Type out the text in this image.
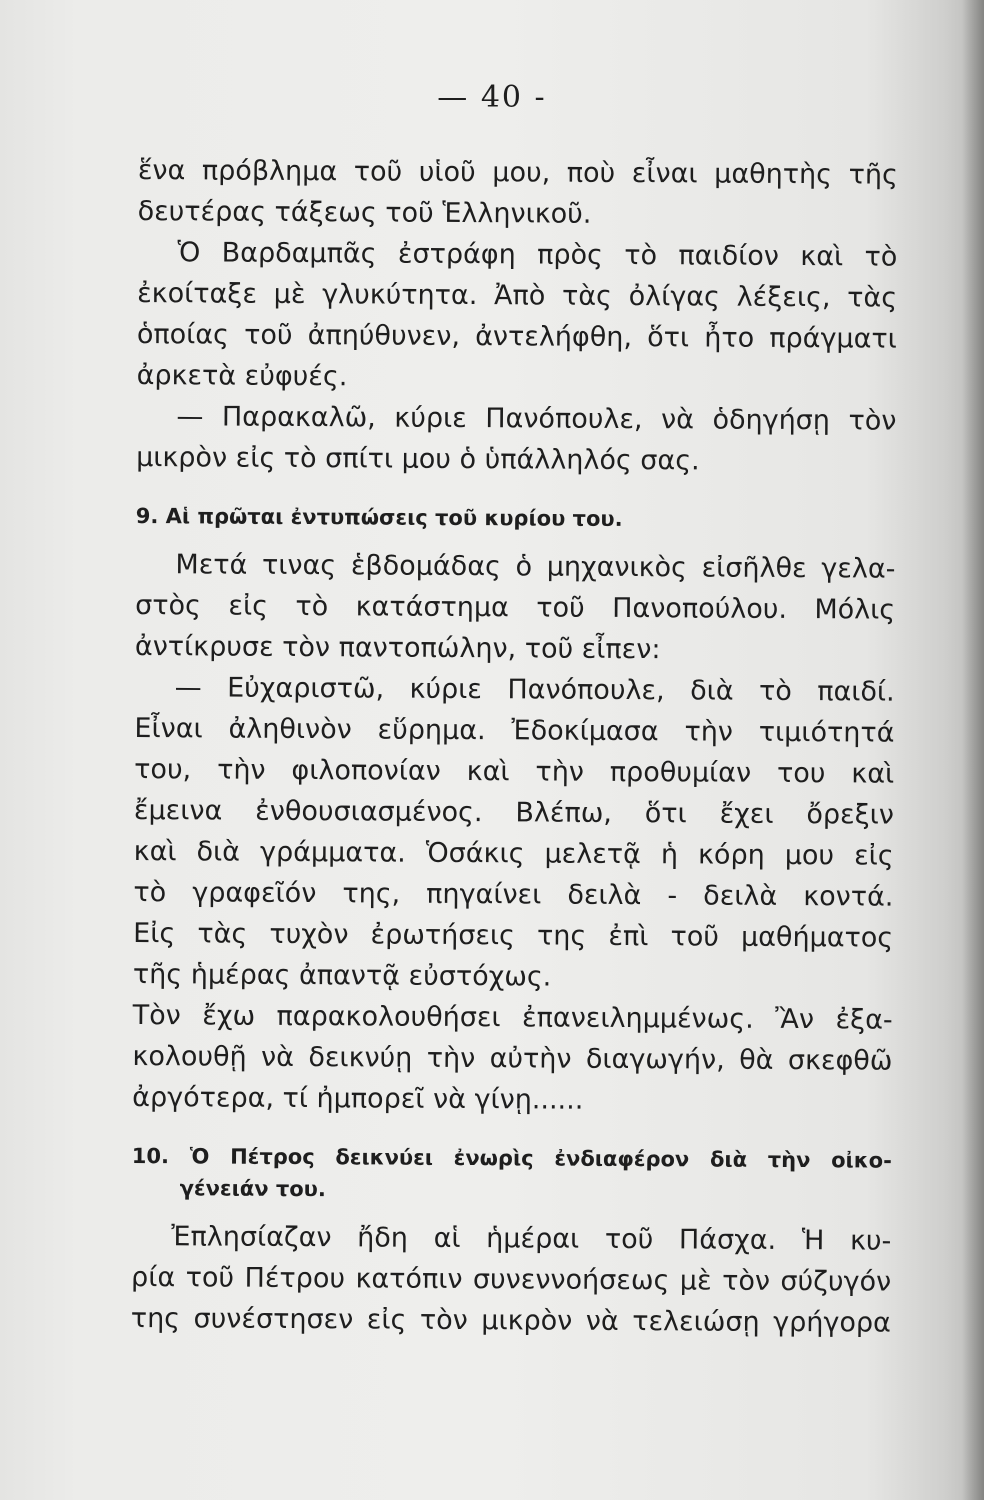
— 40 -

ἕνα πρόβλημα τοῦ υἱοῦ μου, ποὺ εἶναι μαθητὴς τῆς

δευτέρας τάξεως τοῦ Ἑλληνικοῦ.

Ὁ Βαρδαμπᾶς ἐστράφη πρὸς τὸ παιδίον καὶ τὸ

ἐκοίταξε μὲ γλυκύτητα. Ἀπὸ τὰς ὀλίγας λέξεις, τὰς

ὁποίας τοῦ ἀπηύθυνεν, ἀντελήφθη, ὅτι ἦτο πράγματι

ἀρκετὰ εὐφυές.

— Παρακαλῶ, κύριε Πανόπουλε, νὰ ὁδηγήσῃ τὸν

μικρὸν εἰς τὸ σπίτι μου ὁ ὑπάλληλός σας.

9. Αἱ πρῶται ἐντυπώσεις τοῦ κυρίου του.

Μετά τινας ἑβδομάδας ὁ μηχανικὸς εἰσῆλθε γελα-

στὸς εἰς τὸ κατάστημα τοῦ Πανοπούλου. Μόλις

ἀντίκρυσε τὸν παντοπώλην, τοῦ εἶπεν:

— Εὐχαριστῶ, κύριε Πανόπουλε, διὰ τὸ παιδί.

Εἶναι ἀληθινὸν εὕρημα. Ἐδοκίμασα τὴν τιμιότητά

του, τὴν φιλοπονίαν καὶ τὴν προθυμίαν του καὶ

ἔμεινα ἐνθουσιασμένος. Βλέπω, ὅτι ἔχει ὄρεξιν

καὶ διὰ γράμματα. Ὁσάκις μελετᾷ ἡ κόρη μου εἰς

τὸ γραφεῖόν της, πηγαίνει δειλὰ - δειλὰ κοντά.

Εἰς τὰς τυχὸν ἐρωτήσεις της ἐπὶ τοῦ μαθήματος

τῆς ἡμέρας ἀπαντᾷ εὐστόχως.

Τὸν ἔχω παρακολουθήσει ἐπανειλημμένως. Ἂν ἐξα-

κολουθῇ νὰ δεικνύῃ τὴν αὐτὴν διαγωγήν, θὰ σκεφθῶ

ἀργότερα, τί ἠμπορεῖ νὰ γίνῃ......

10. Ὁ Πέτρος δεικνύει ἐνωρὶς ἐνδιαφέρον διὰ τὴν οἰκο-

γένειάν του.

Ἐπλησίαζαν ἤδη αἱ ἡμέραι τοῦ Πάσχα. Ἡ κυ-

ρία τοῦ Πέτρου κατόπιν συνεννοήσεως μὲ τὸν σύζυγόν

της συνέστησεν εἰς τὸν μικρὸν νὰ τελειώσῃ γρήγορα
